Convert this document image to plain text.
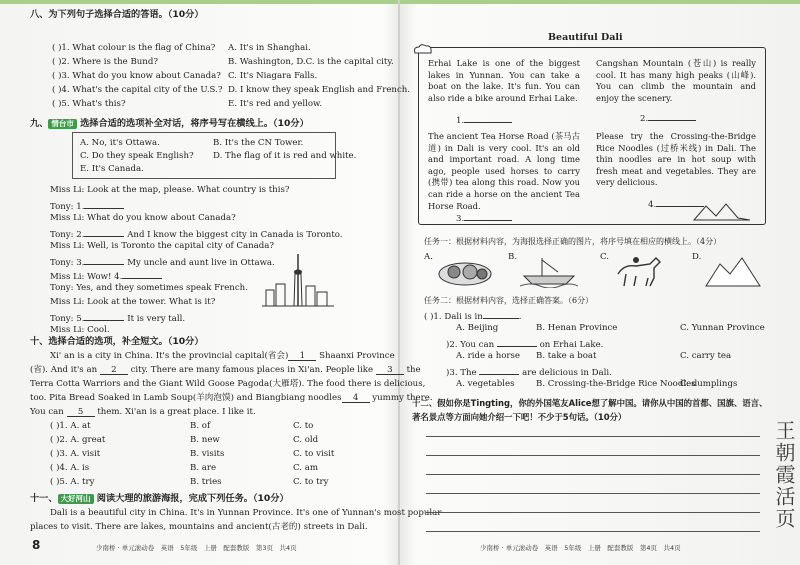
八、为下列句子选择合适的答语。（10分）
( )1. What colour is the flag of China?
( )2. Where is the Bund?
( )3. What do you know about Canada?
( )4. What's the capital city of the U.S.?
( )5. What's this?
A. It's in Shanghai.
B. Washington, D.C. is the capital city.
C. It's Niagara Falls.
D. I know they speak English and French.
E. It's red and yellow.
九、 情台市 选择合适的选项补全对话，将序号写在横线上。（10分）
A. No, it's Ottawa.	B. It's the CN Tower.
C. Do they speak English? D. The flag of it is red and white.
E. It's Canada.
Miss Li: Look at the map, please. What country is this?
Tony: 1.
Miss Li: What do you know about Canada?
Tony: 2.	And I know the biggest city in Canada is Toronto.
Miss Li: Well, is Toronto the capital city of Canada?
Tony: 3.	My uncle and aunt live in Ottawa.
Miss Li: Wow! 4.
Tony: Yes, and they sometimes speak French.
Miss Li: Look at the tower. What is it?
Tony: 5.	It is very tall.
Miss Li: Cool.
十、选择合适的选项，补全短文。（10分）
Xi' an is a city in China. It's the provincial capital(省会) 1 Shaanxi Province
(省). And it's an 2 city. There are many famous places in Xi'an. People like 3 the
Terra Cotta Warriors and the Giant Wild Goose Pagoda(大雁塔). The food there is delicious,
too. Pita Bread Soaked in Lamb Soup(羊肉泡馍) and Biangbiang noodles 4 yummy there.
You can 5 them. Xi'an is a great place. I like it.
( )1. A. at	B. of	C. to
( )2. A. great	B. new	C. old
( )3. A. visit	B. visits	C. to visit
( )4. A. is	B. are	C. am
( )5. A. try	B. tries	C. to try
十一、 大好河山 阅读大理的旅游海报，完成下列任务。（10分）
Dali is a beautiful city in China. It's in Yunnan Province. It's one of Yunnan's most popular
places to visit. There are lakes, mountains and ancient(古老的) streets in Dali.
8	少南桥 · 单元滚动卷　英语　5年级　上册　配套教版　第3页　共4页
Beautiful Dali
Erhai Lake is one of the biggest lakes in Yunnan. You can take a boat on the lake. It's fun. You can also ride a bike around Erhai Lake.
1.
Cangshan Mountain (苍山) is really cool. It has many high peaks (山峰). You can climb the mountain and enjoy the scenery.
2.
The ancient Tea Horse Road (茶马古道) in Dali is very cool. It's an old and important road. A long time ago, people used horses to carry (携带) tea along this road. Now you can ride a horse on the ancient Tea Horse Road.
3.
Please try the Crossing-the-Bridge Rice Noodles (过桥米线) in Dali. The thin noodles are in hot soup with fresh meat and vegetables. They are very delicious.
4.
任务一：根据材料内容，为海报选择正确的图片，将序号填在相应的横线上。（4分）
A.	B.	C.	D.
任务二：根据材料内容，选择正确答案。（6分）
( )1. Dali is in	.
A. Beijing	B. Henan Province	C. Yunnan Province
)2. You can	on Erhai Lake.
A. ride a horse B. take a boat	C. carry tea
)3. The	are delicious in Dali.
A. vegetables B. Crossing-the-Bridge Rice Noodles
C. dumplings
十二、假如你是Tingting，你的外国笔友Alice想了解中国。请你从中国的首都、国旗、语言、
著名景点等方面向她介绍一下吧！不少于5句话。（10分）
少南桥 · 单元滚动卷　英语　5年级　上册　配套教版　第4页　共4页
王朝霞活页
